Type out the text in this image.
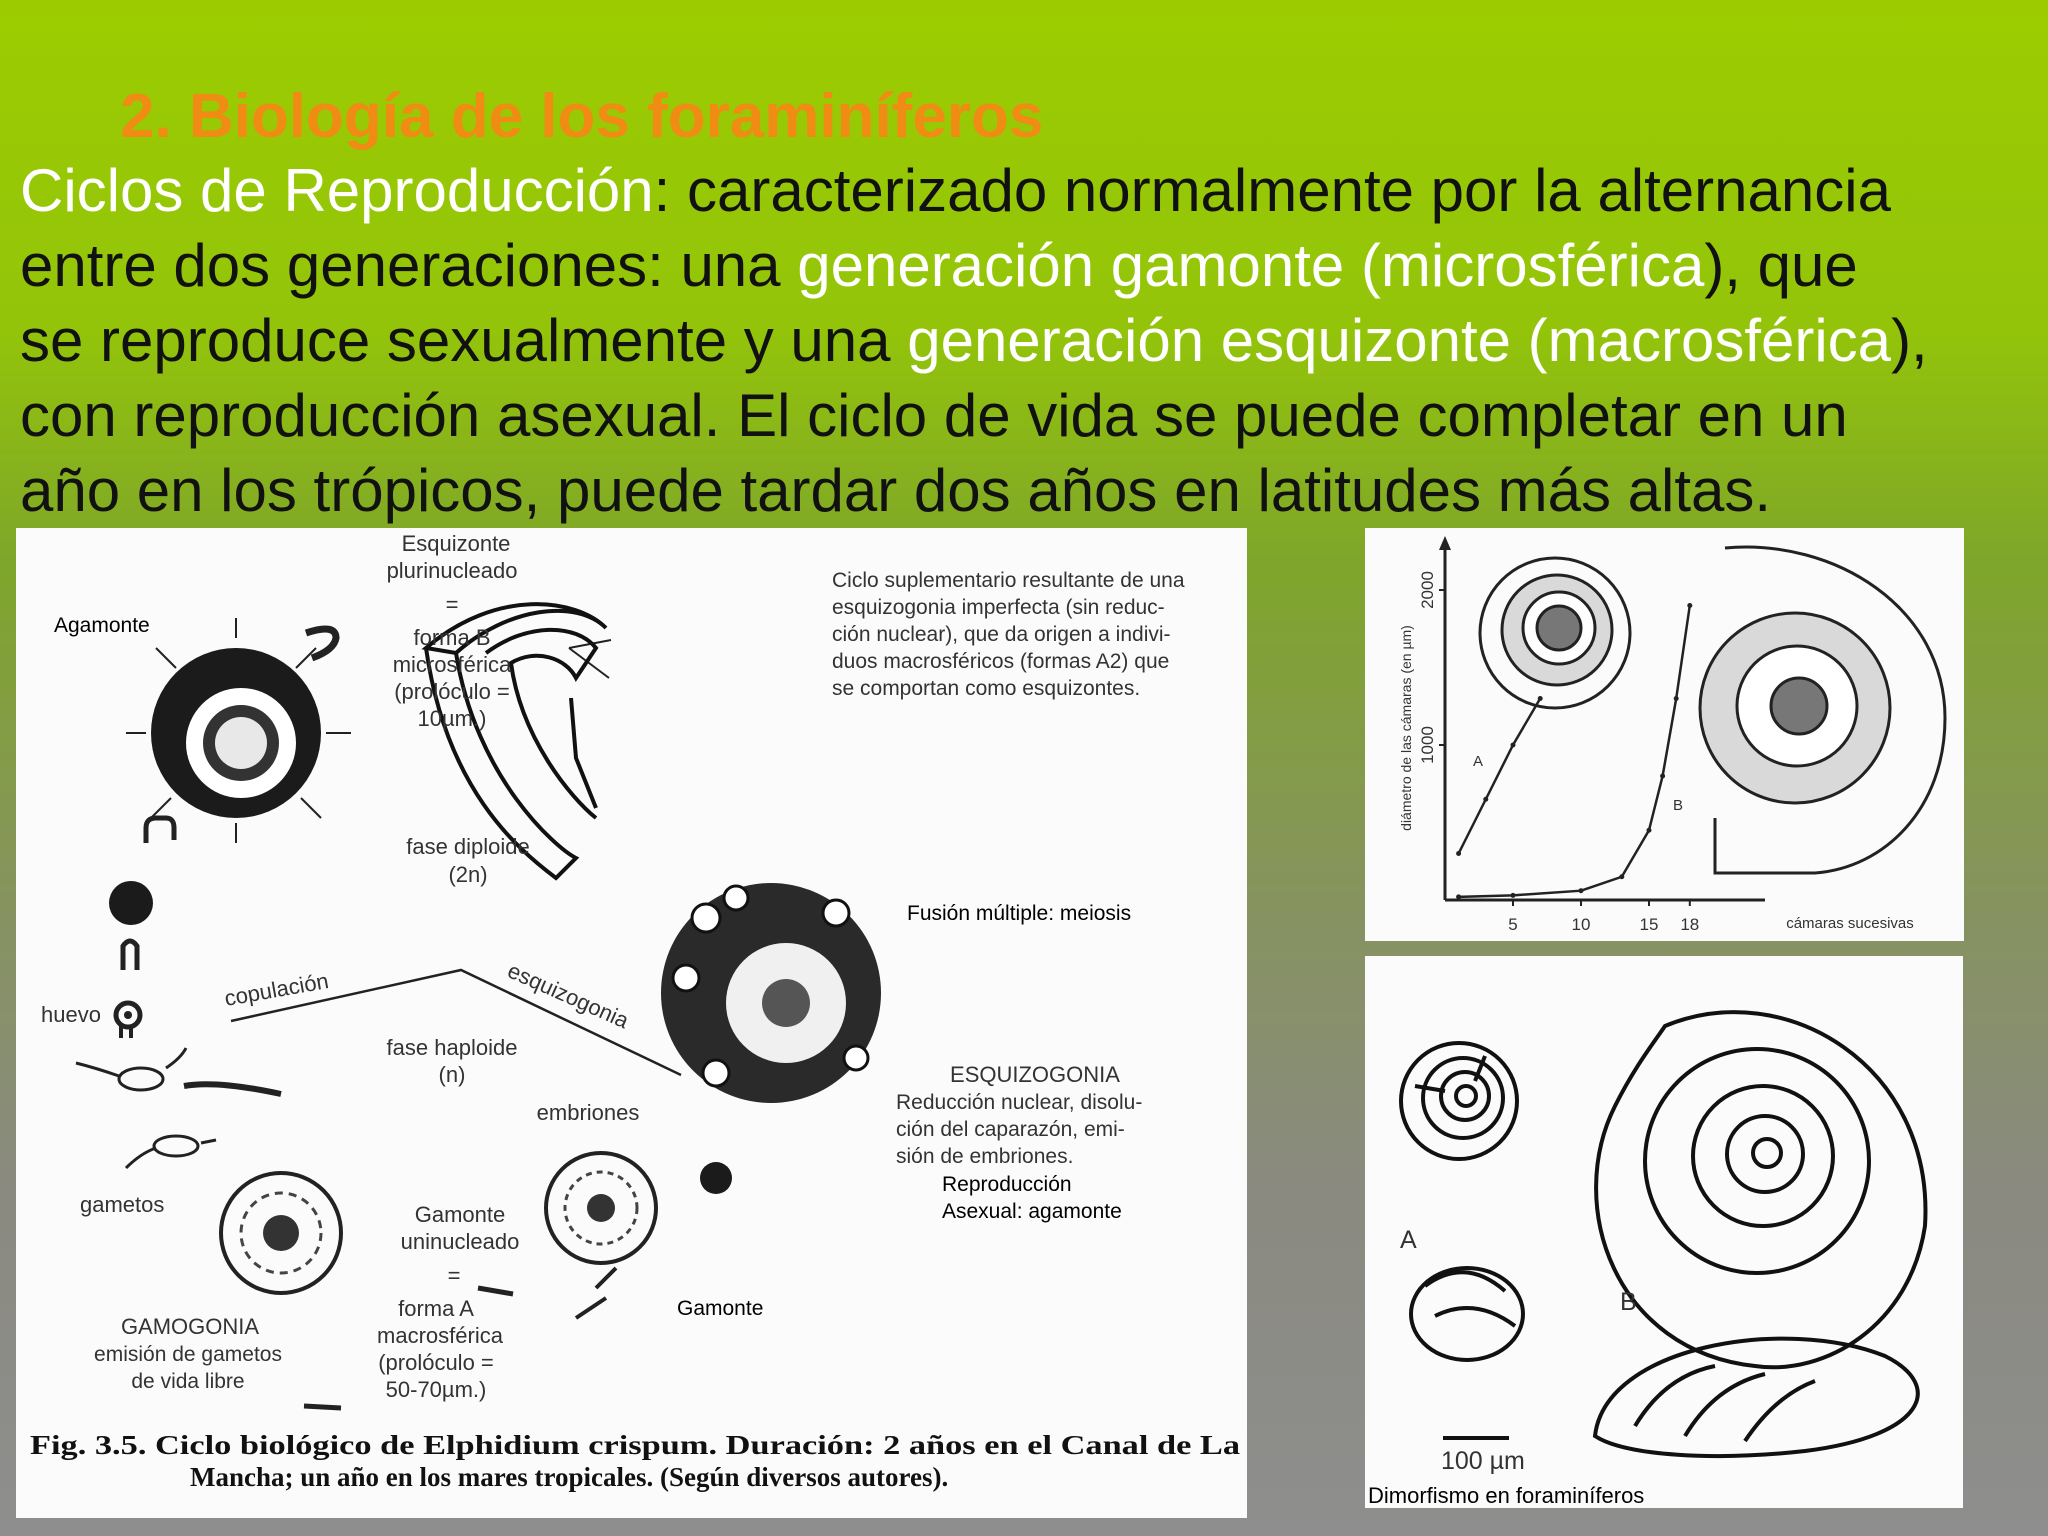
2. Biología de los foraminíferos
Ciclos de Reproducción: caracterizado normalmente por la alternancia
entre dos generaciones: una generación gamonte (microsférica), que
se reproduce sexualmente y una generación esquizonte (macrosférica),
con reproducción asexual. El ciclo de vida se puede completar en un
año en los trópicos, puede tardar dos años en latitudes más altas.
Esquizonte
plurinucleado
=
forma B
microsférica
(prolóculo =
10µm.)
Ciclo suplementario resultante de una
esquizogonia imperfecta (sin reduc-
ción nuclear), que da origen a indivi-
duos macrosféricos (formas A2) que
se comportan como esquizontes.
fase diploide
(2n)
copulación	esquizogonia
huevo
fase haploide
(n)
embriones
ESQUIZOGONIA
Reducción nuclear, disolu-
ción del caparazón, emi-
sión de embriones.
gametos	Gamonte
uninucleado
=
forma A
macrosférica
(prolóculo =
50-70µm.)
GAMOGONIA
emisión de gametos
de vida libre
Fig. 3.5. Ciclo biológico de Elphidium crispum. Duración: 2 años en el Canal de La
Mancha; un año en los mares tropicales. (Según diversos autores).
Agamonte
Fusión múltiple: meiosis
Reproducción
Asexual: agamonte
Gamonte
diámetro de las cámaras (en µm)
cámaras sucesivas
5	10	15 18
1000
2000
A
B
A
B
100 µm
Dimorfismo en foraminíferos
